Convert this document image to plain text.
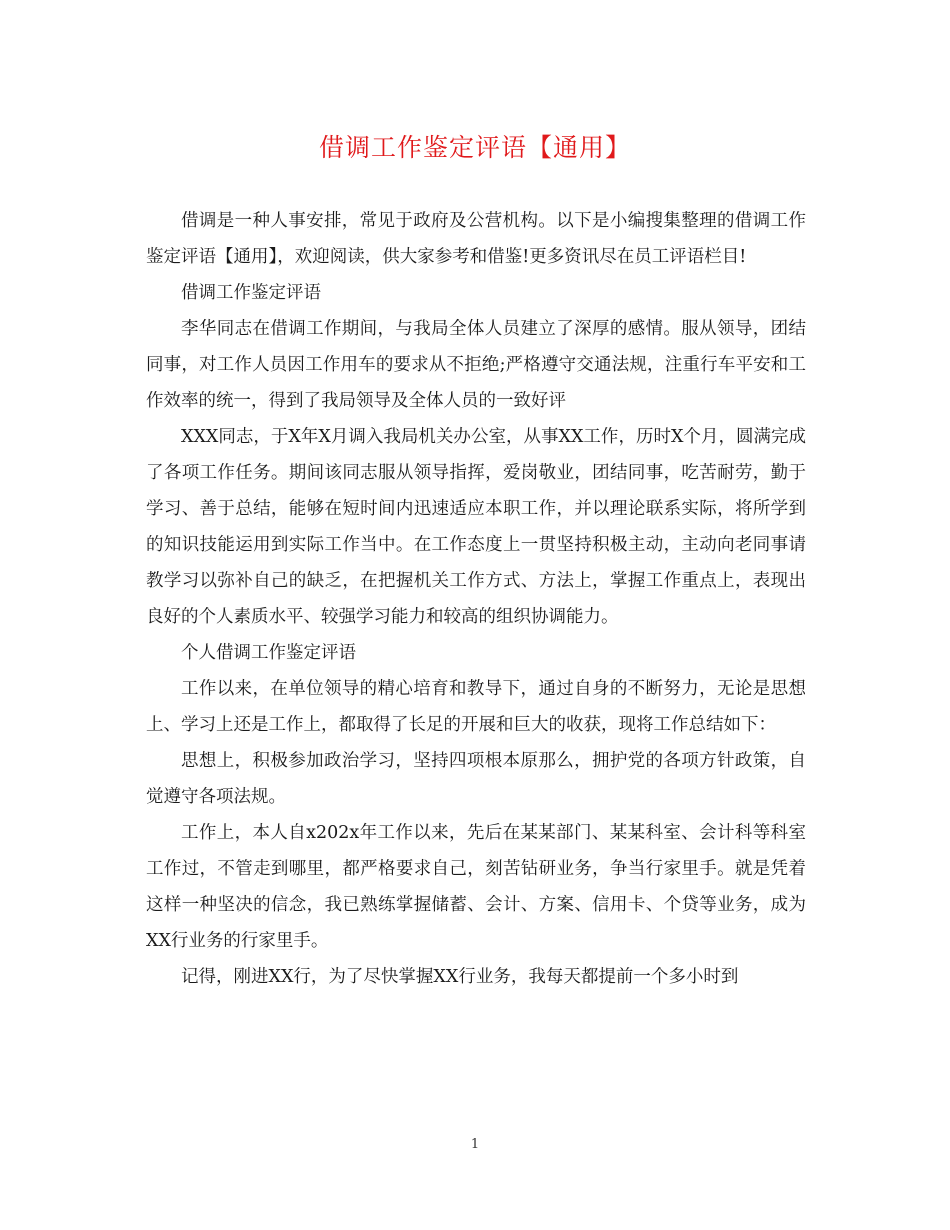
借调工作鉴定评语【通用】

借调是一种人事安排，常见于政府及公营机构。以下是小编搜集整理的借调工作鉴定评语【通用】，欢迎阅读，供大家参考和借鉴!更多资讯尽在员工评语栏目!

借调工作鉴定评语

李华同志在借调工作期间，与我局全体人员建立了深厚的感情。服从领导，团结同事，对工作人员因工作用车的要求从不拒绝;严格遵守交通法规，注重行车平安和工作效率的统一，得到了我局领导及全体人员的一致好评

XXX同志，于X年X月调入我局机关办公室，从事XX工作，历时X个月，圆满完成了各项工作任务。期间该同志服从领导指挥，爱岗敬业，团结同事，吃苦耐劳，勤于学习、善于总结，能够在短时间内迅速适应本职工作，并以理论联系实际，将所学到的知识技能运用到实际工作当中。在工作态度上一贯坚持积极主动，主动向老同事请教学习以弥补自己的缺乏，在把握机关工作方式、方法上，掌握工作重点上，表现出良好的个人素质水平、较强学习能力和较高的组织协调能力。

个人借调工作鉴定评语

工作以来，在单位领导的精心培育和教导下，通过自身的不断努力，无论是思想上、学习上还是工作上，都取得了长足的开展和巨大的收获，现将工作总结如下：

思想上，积极参加政治学习，坚持四项根本原那么，拥护党的各项方针政策，自觉遵守各项法规。

工作上，本人自x202x年工作以来，先后在某某部门、某某科室、会计科等科室工作过，不管走到哪里，都严格要求自己，刻苦钻研业务，争当行家里手。就是凭着这样一种坚决的信念，我已熟练掌握储蓄、会计、方案、信用卡、个贷等业务，成为XX行业务的行家里手。

记得，刚进XX行，为了尽快掌握XX行业务，我每天都提前一个多小时到

1
